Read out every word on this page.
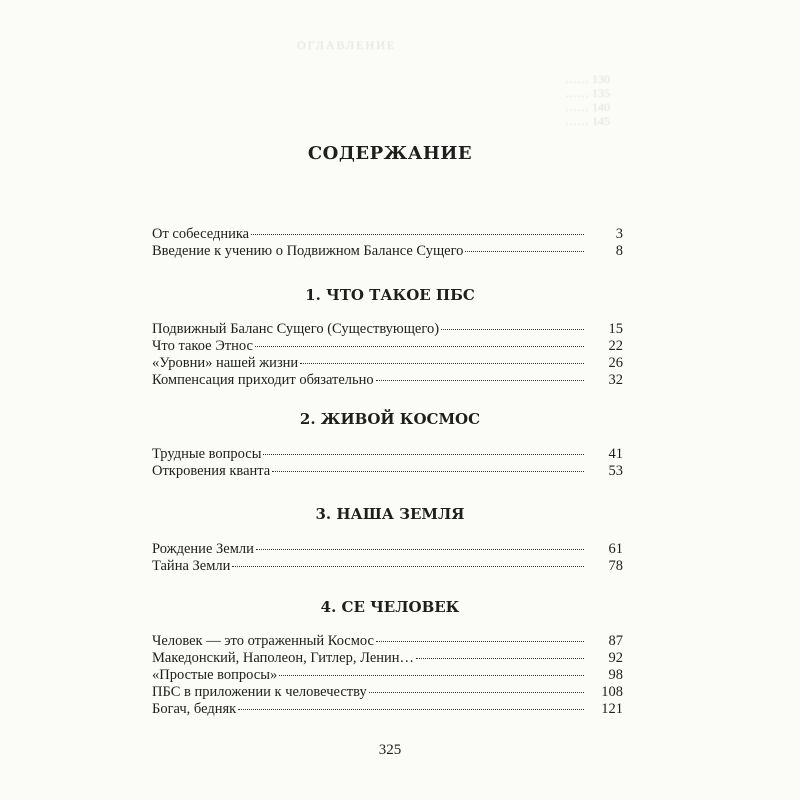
ОГЛАВЛЕНИЕ
…… 130
…… 135
…… 140
…… 145
СОДЕРЖАНИЕ
От собеседника	3
Введение к учению о Подвижном Балансе Сущего	8
1. ЧТО ТАКОЕ ПБС
Подвижный Баланс Сущего (Существующего)	15
Что такое Этнос	22
«Уровни» нашей жизни	26
Компенсация приходит обязательно	32
2. ЖИВОЙ КОСМОС
Трудные вопросы	41
Откровения кванта	53
3. НАША ЗЕМЛЯ
Рождение Земли	61
Тайна Земли	78
4. СЕ ЧЕЛОВЕК
Человек — это отраженный Космос	87
Македонский, Наполеон, Гитлер, Ленин…	92
«Простые вопросы»	98
ПБС в приложении к человечеству	108
Богач, бедняк	121
325
